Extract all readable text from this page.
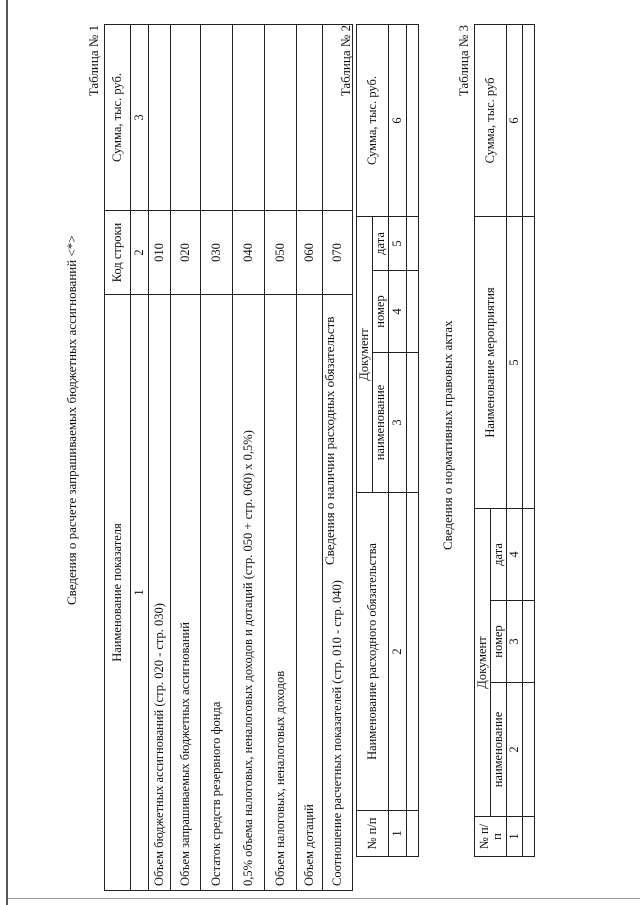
Сведения о расчете запрашиваемых бюджетных ассигнований <*>
Таблица № 1
Наименование показателя	Код строки	Сумма, тыс. руб.
1	2	3
Объем бюджетных ассигнований (стр. 020 - стр. 030)	010	
Объем запрашиваемых бюджетных ассигнований	020	
Остаток средств резервного фонда	030	
0,5% объема налоговых, неналоговых доходов и дотаций (стр. 050 + стр. 060) х 0,5%)	040	
Объем налоговых, неналоговых доходов	050	
Объем дотаций	060	
Соотношение расчетных показателей (стр. 010 - стр. 040)	070	
Сведения о наличии расходных обязательств
Таблица № 2
№ п/п	Наименование расходного обязательства	Документ			Сумма, тыс. руб.
		наименование	номер	дата	
1	2	3	4	5	6

Сведения о нормативных правовых актах
Таблица № 3
№ п/п	Документ			Наименование мероприятия	Сумма, тыс. руб
	наименование	номер	дата		
1	2	3	4	5	6
